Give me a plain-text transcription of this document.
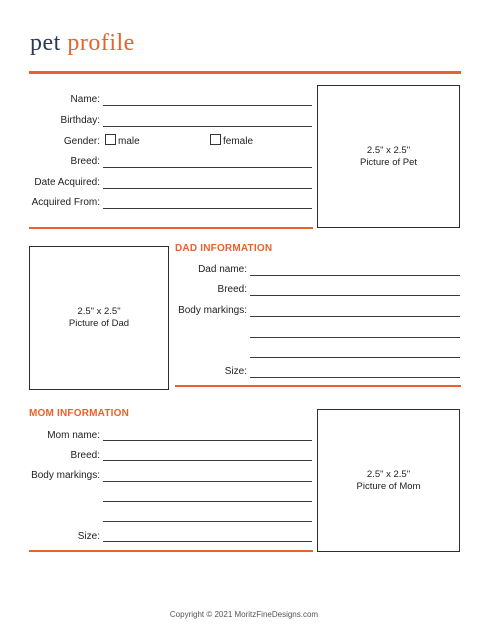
pet profile
Name:
Birthday:
Gender: male	female
Breed:
Date Acquired:
Acquired From:
2.5" x 2.5"
Picture of Pet
2.5" x 2.5"
Picture of Dad
DAD INFORMATION
Dad name:
Breed:
Body markings:
Size:
MOM INFORMATION
Mom name:
Breed:
Body markings:
Size:
2.5" x 2.5"
Picture of Mom
Copyright © 2021 MoritzFineDesigns.com
